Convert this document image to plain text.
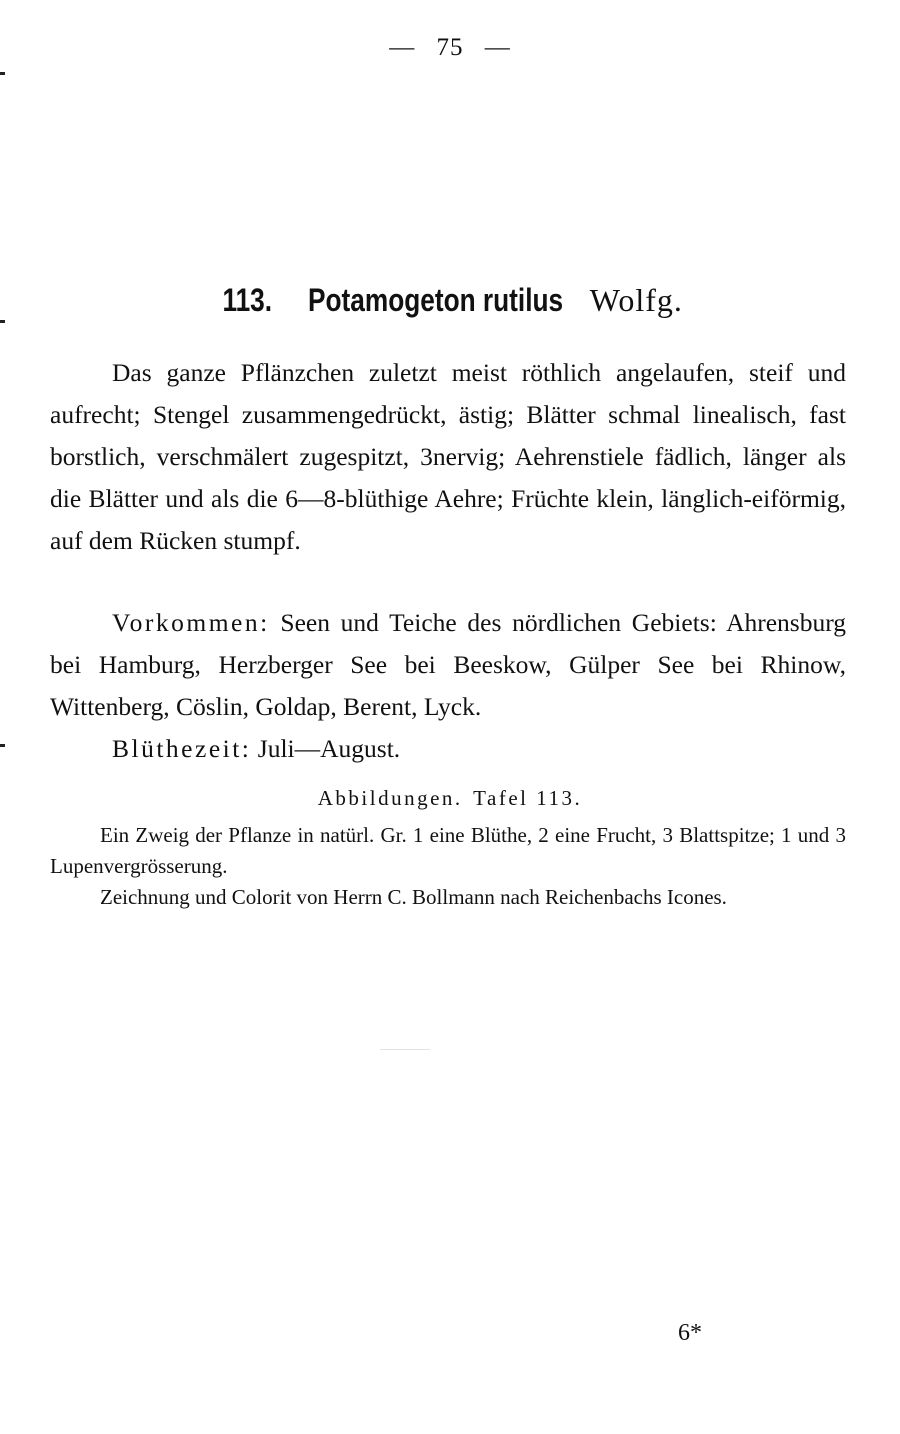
— 75 —
113. Potamogeton rutilus Wolfg.

Das ganze Pflänzchen zuletzt meist röthlich angelaufen, steif und aufrecht; Stengel zusammengedrückt, ästig; Blätter schmal linealisch, fast borstlich, verschmälert zugespitzt, 3nervig; Aehrenstiele fädlich, länger als die Blätter und als die 6—8-blüthige Aehre; Früchte klein, länglich-eiförmig, auf dem Rücken stumpf.

Vorkommen: Seen und Teiche des nördlichen Gebiets: Ahrensburg bei Hamburg, Herzberger See bei Beeskow, Gülper See bei Rhinow, Wittenberg, Cöslin, Goldap, Berent, Lyck.

Blüthezeit: Juli—August.

Abbildungen. Tafel 113.

Ein Zweig der Pflanze in natürl. Gr. 1 eine Blüthe, 2 eine Frucht, 3 Blattspitze; 1 und 3 Lupenvergrösserung.

Zeichnung und Colorit von Herrn C. Bollmann nach Reichenbachs Icones.

6*
